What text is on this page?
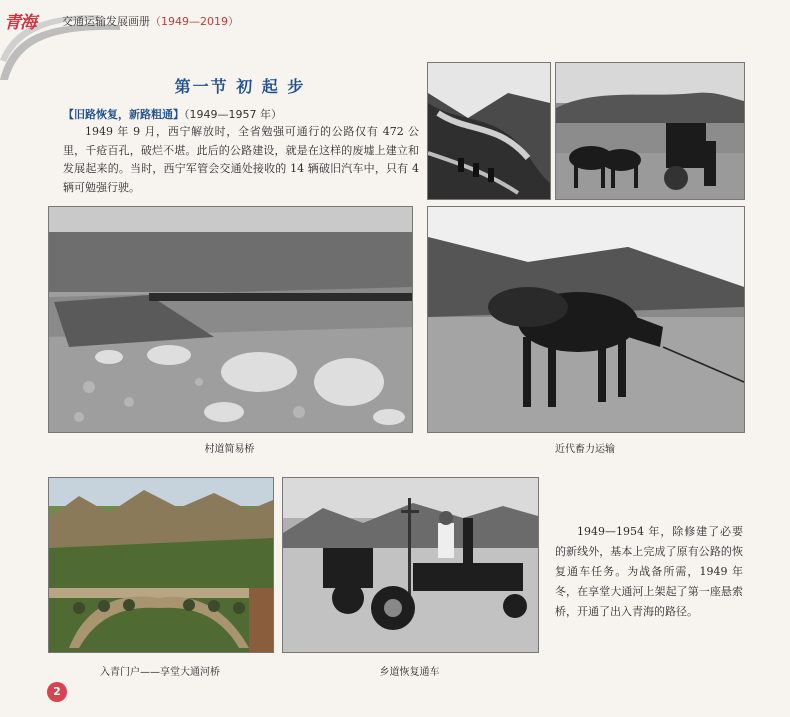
青海 交通运输发展画册（1949—2019）
第一节 初 起 步
【旧路恢复，新路粗通】（1949—1957 年）
1949 年 9 月，西宁解放时，全省勉强可通行的公路仅有 472 公里，千疮百孔，破烂不堪。此后的公路建设，就是在这样的废墟上建立和发展起来的。当时，西宁军管会交通处接收的 14 辆破旧汽车中，只有 4 辆可勉强行驶。
村道简易桥	近代畜力运输
入青门户——享堂大通河桥	乡道恢复通车
1949—1954 年，除修建了必要的新线外，基本上完成了原有公路的恢复通车任务。为战备所需，1949 年冬，在享堂大通河上架起了第一座悬索桥，开通了出入青海的路径。
2
